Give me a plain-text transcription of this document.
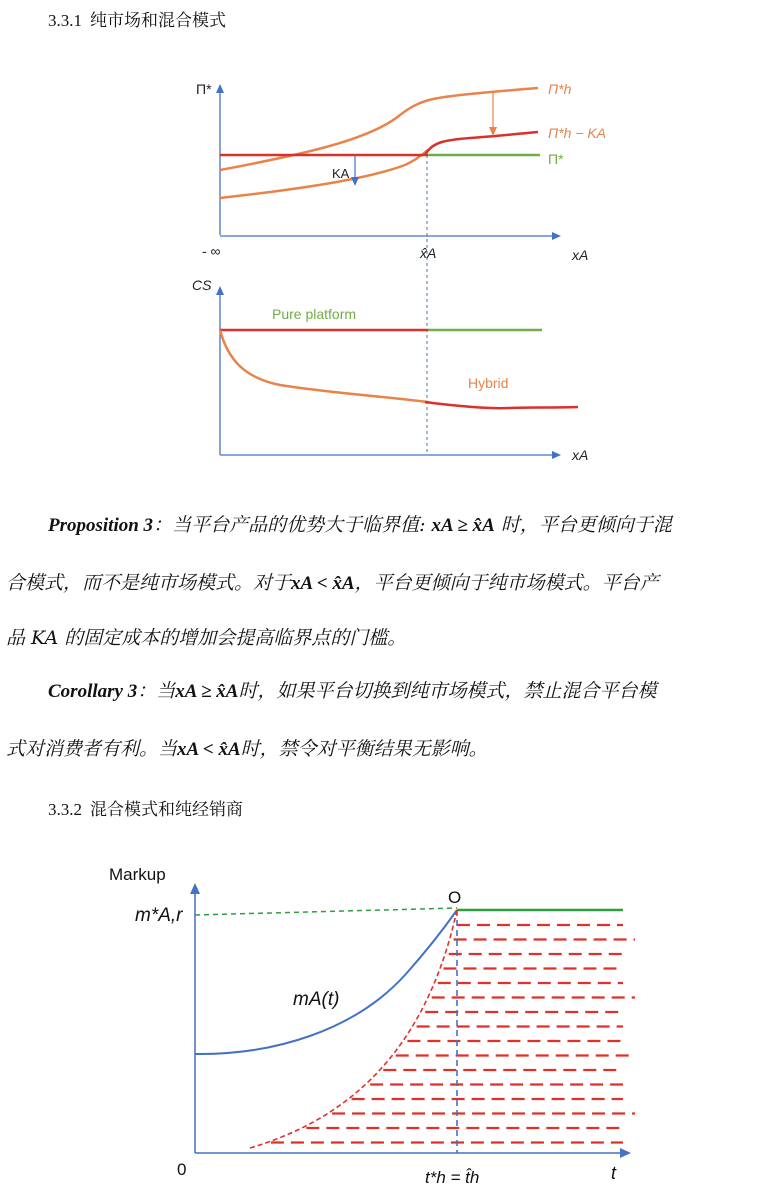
3.3.1 纯市场和混合模式
Π*	Π*h
Π*h − KA
Π*
KA
- ∞	x̂A	xA
CS
Pure platform
Hybrid
xA
Proposition 3：当平台产品的优势大于临界值: xA ≥ x̂A 时，平台更倾向于混
合模式，而不是纯市场模式。对于xA < x̂A，平台更倾向于纯市场模式。平台产
品 KA 的固定成本的增加会提高临界点的门槛。
Corollary 3：当xA ≥ x̂A时，如果平台切换到纯市场模式，禁止混合平台模
式对消费者有利。当xA < x̂A时，禁令对平衡结果无影响。
3.3.2 混合模式和纯经销商
Markup
m*A,r
0
O
mA(t)
t*h = t̂h	t
